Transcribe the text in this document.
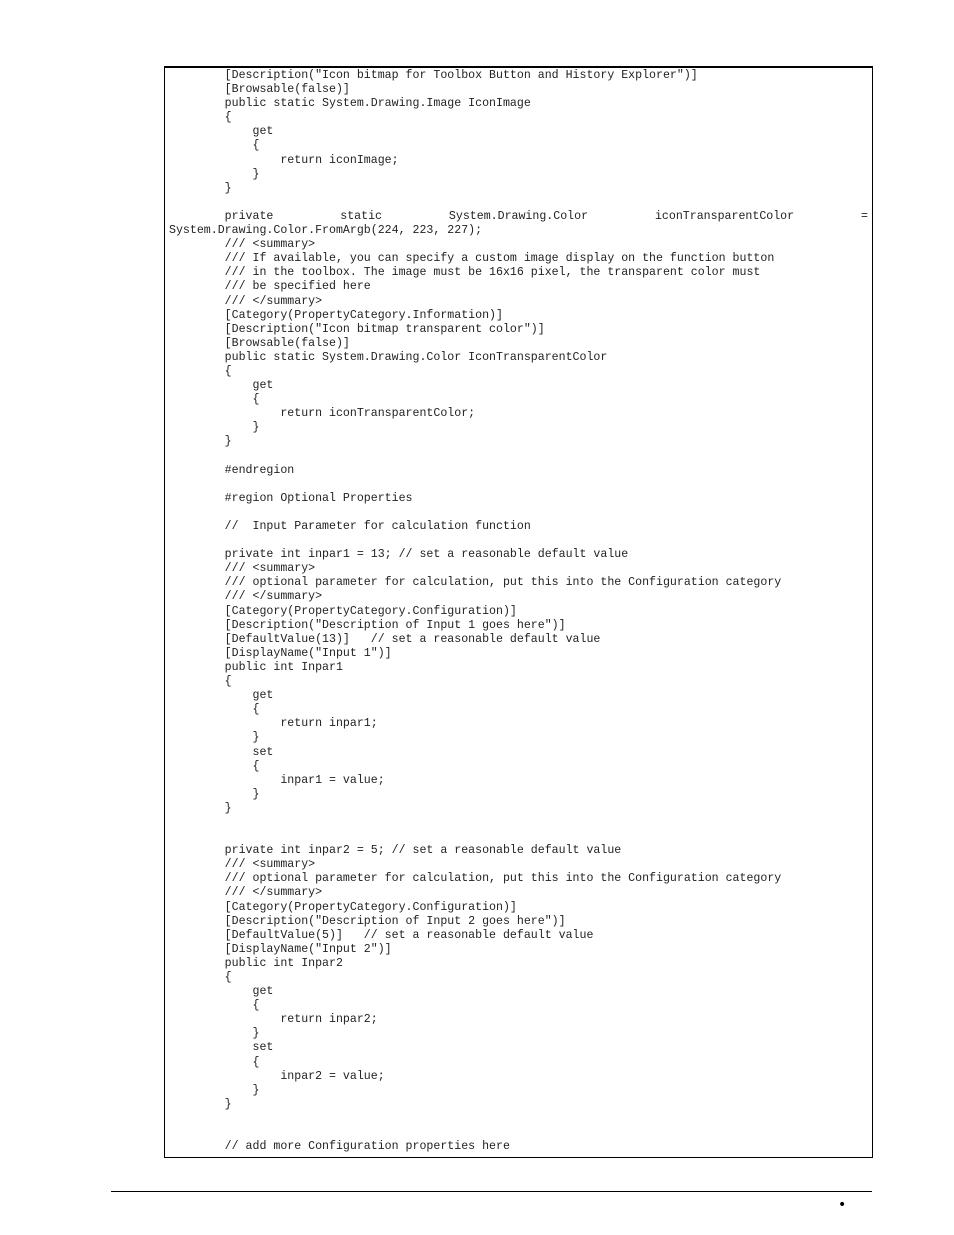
[Description("Icon bitmap for Toolbox Button and History Explorer")]
[Browsable(false)]
public static System.Drawing.Image IconImage
{
get
{
return iconImage;
}
}
private	static	System.Drawing.Color	iconTransparentColor	=
System.Drawing.Color.FromArgb(224, 223, 227);
/// <summary>
/// If available, you can specify a custom image display on the function button
/// in the toolbox. The image must be 16x16 pixel, the transparent color must
/// be specified here
/// </summary>
[Category(PropertyCategory.Information)]
[Description("Icon bitmap transparent color")]
[Browsable(false)]
public static System.Drawing.Color IconTransparentColor
{
get
{
return iconTransparentColor;
}
}
#endregion
#region Optional Properties
//  Input Parameter for calculation function
private int inpar1 = 13; // set a reasonable default value
/// <summary>
/// optional parameter for calculation, put this into the Configuration category
/// </summary>
[Category(PropertyCategory.Configuration)]
[Description("Description of Input 1 goes here")]
[DefaultValue(13)]   // set a reasonable default value
[DisplayName("Input 1")]
public int Inpar1
{
get
{
return inpar1;
}
set
{
inpar1 = value;
}
}
private int inpar2 = 5; // set a reasonable default value
/// <summary>
/// optional parameter for calculation, put this into the Configuration category
/// </summary>
[Category(PropertyCategory.Configuration)]
[Description("Description of Input 2 goes here")]
[DefaultValue(5)]   // set a reasonable default value
[DisplayName("Input 2")]
public int Inpar2
{
get
{
return inpar2;
}
set
{
inpar2 = value;
}
}
// add more Configuration properties here
•
